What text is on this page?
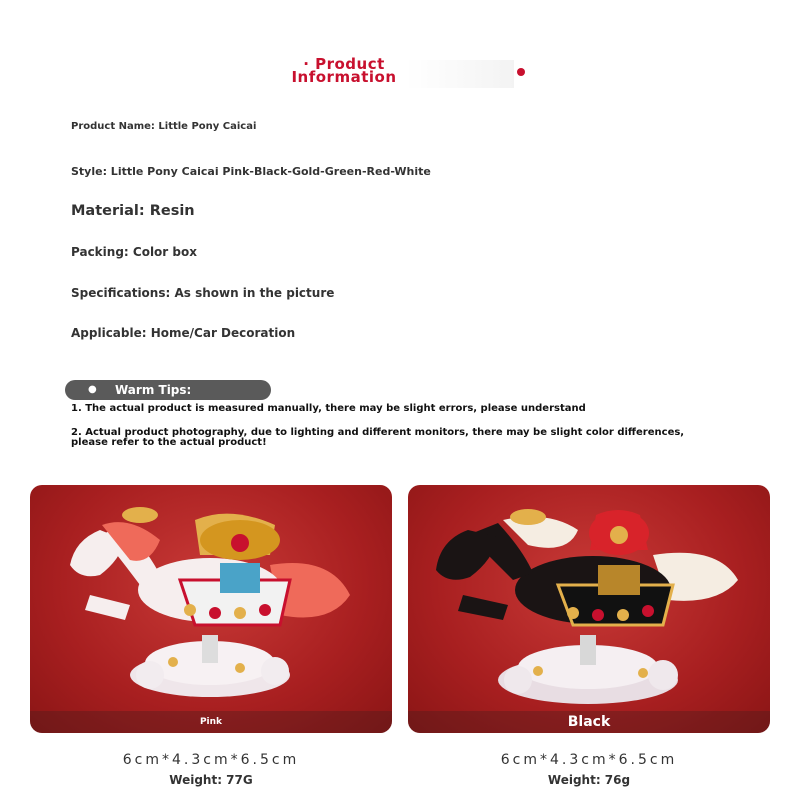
· Product
Information
Product Name: Little Pony Caicai
Style: Little Pony Caicai Pink-Black-Gold-Green-Red-White
Material: Resin
Packing: Color box
Specifications: As shown in the picture
Applicable: Home/Car Decoration
● Warm Tips:
1. The actual product is measured manually, there may be slight errors, please understand
2. Actual product photography, due to lighting and different monitors, there may be slight color differences, please refer to the actual product!
Pink	Black
6cm*4.3cm*6.5cm
Weight: 77G
6cm*4.3cm*6.5cm
Weight: 76g
